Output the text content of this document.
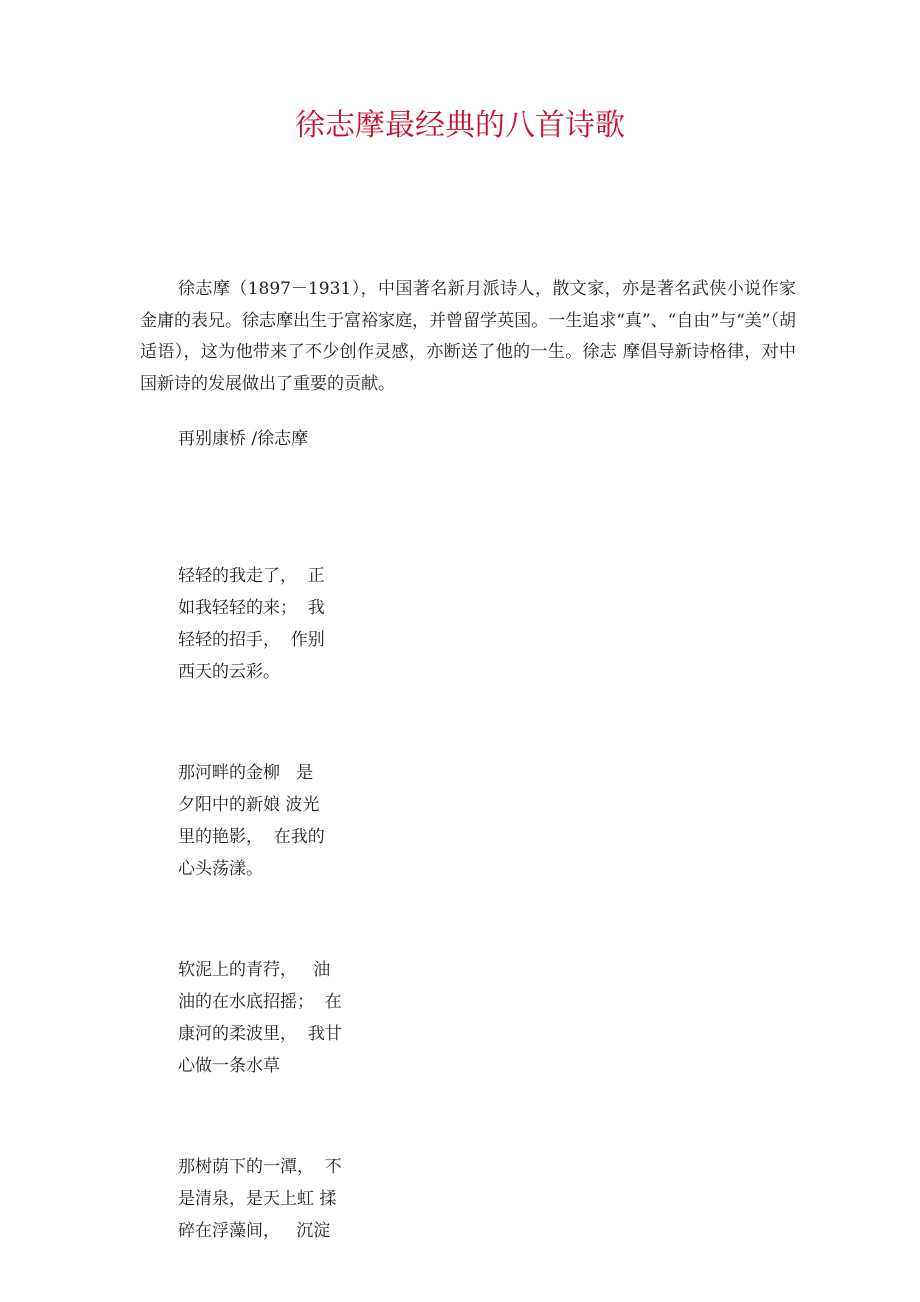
徐志摩最经典的八首诗歌

徐志摩（1897－1931），中国著名新月派诗人，散文家，亦是著名武侠小说作家金庸的表兄。徐志摩出生于富裕家庭，并曾留学英国。一生追求“真”、“自由”与“美”（胡适语），这为他带来了不少创作灵感，亦断送了他的一生。徐志 摩倡导新诗格律，对中国新诗的发展做出了重要的贡献。

再别康桥 /徐志摩

轻轻的我走了，  正
如我轻轻的来；  我
轻轻的招手，  作别
西天的云彩。
那河畔的金柳   是
夕阳中的新娘 波光
里的艳影，  在我的
心头荡漾。
软泥上的青荇，   油
油的在水底招摇；  在
康河的柔波里，  我甘
心做一条水草
那树荫下的一潭，  不
是清泉，是天上虹 揉
碎在浮藻间，   沉淀
